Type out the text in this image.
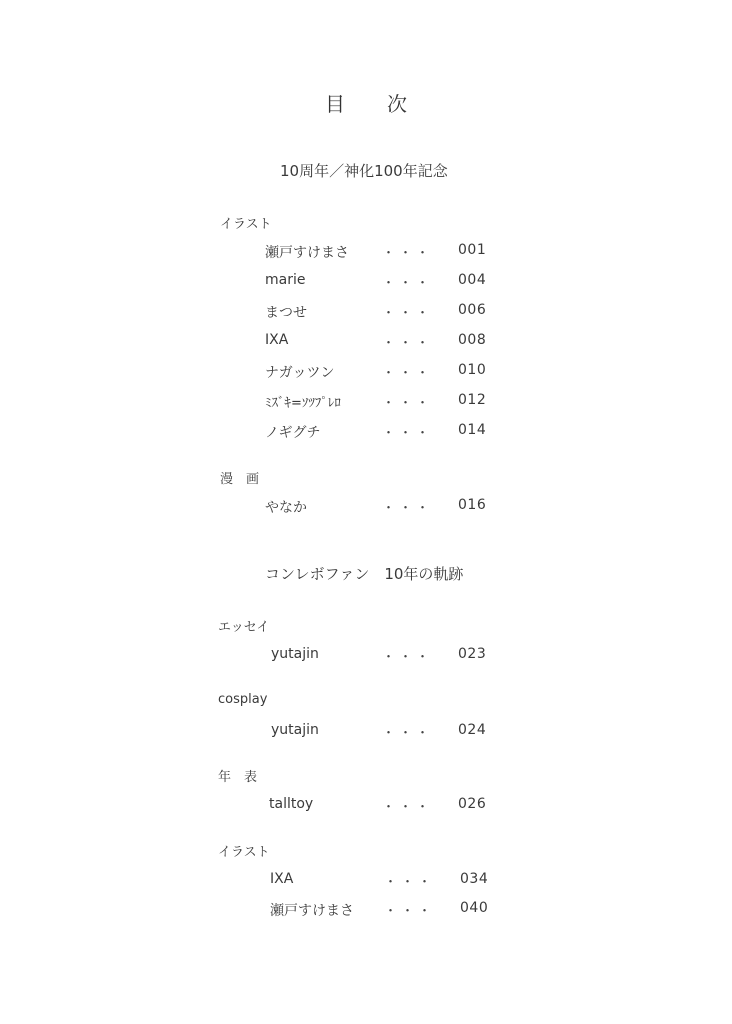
目 次
10周年／神化100年記念
イラスト
瀬戸すけまさ	・・・ 001
marie	・・・ 004
まつせ	・・・ 006
IXA	・・・ 008
ナガッツン	・・・ 010
ﾐｽﾞｷ=ｿﾂﾌﾟﾚﾛ	・・・ 012
ノギグチ	・・・ 014
漫　画
やなか	・・・ 016
コンレボファン　10年の軌跡
エッセイ
yutajin	・・・ 023
cosplay
yutajin	・・・ 024
年　表
talltoy	・・・ 026
イラスト
IXA	・・・ 034
瀬戸すけまさ ・・・ 040
